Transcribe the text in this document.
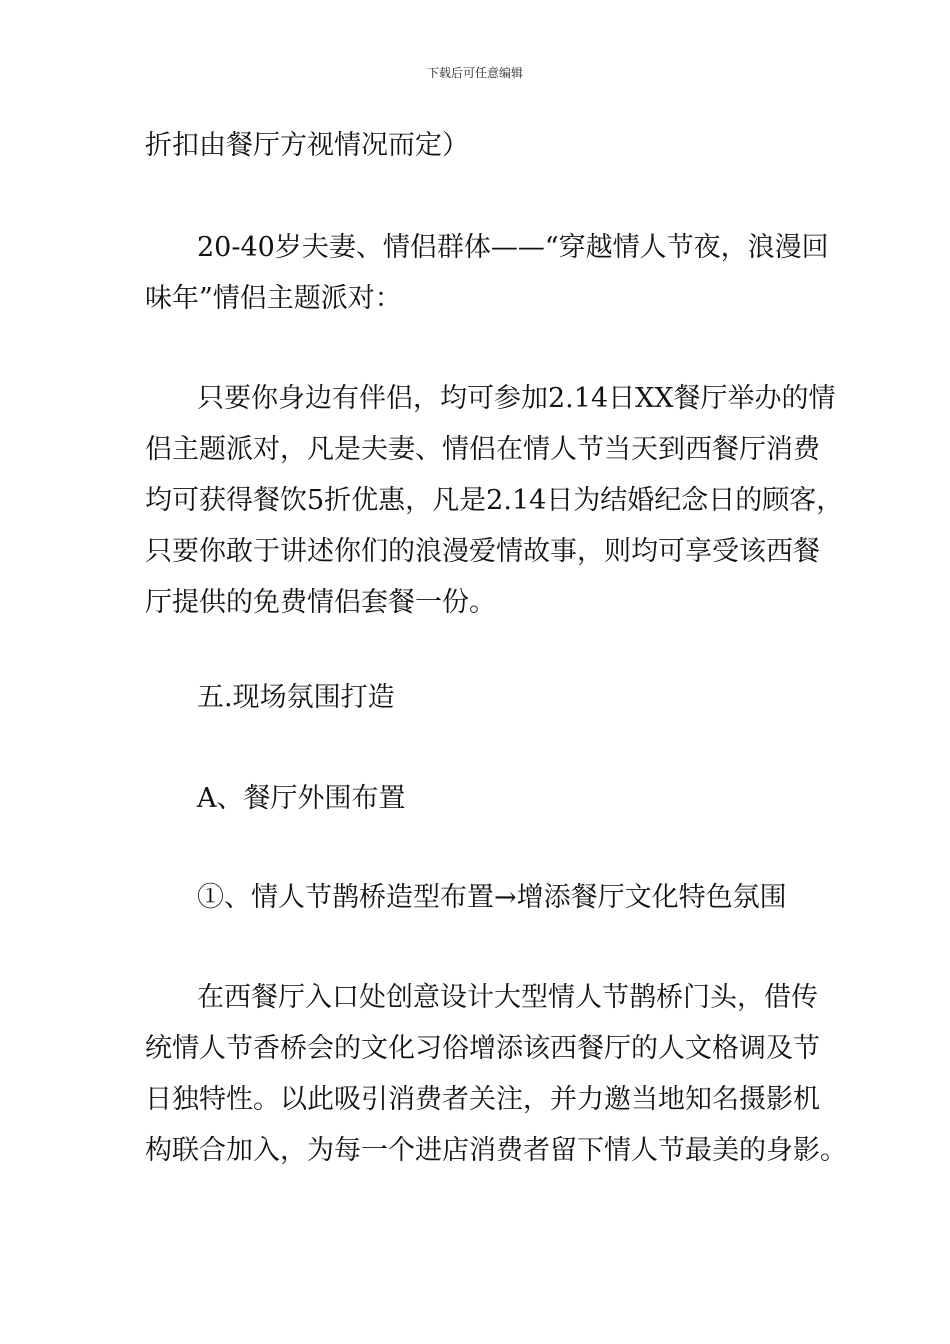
下载后可任意编辑
折扣由餐厅方视情况而定）
20-40岁夫妻、情侣群体——“穿越情人节夜，浪漫回
味年”情侣主题派对：
只要你身边有伴侣，均可参加2.14日XX餐厅举办的情
侣主题派对，凡是夫妻、情侣在情人节当天到西餐厅消费
均可获得餐饮5折优惠，凡是2.14日为结婚纪念日的顾客，
只要你敢于讲述你们的浪漫爱情故事，则均可享受该西餐
厅提供的免费情侣套餐一份。
五.现场氛围打造
A、餐厅外围布置
①、情人节鹊桥造型布置→增添餐厅文化特色氛围
在西餐厅入口处创意设计大型情人节鹊桥门头，借传
统情人节香桥会的文化习俗增添该西餐厅的人文格调及节
日独特性。以此吸引消费者关注，并力邀当地知名摄影机
构联合加入，为每一个进店消费者留下情人节最美的身影。
